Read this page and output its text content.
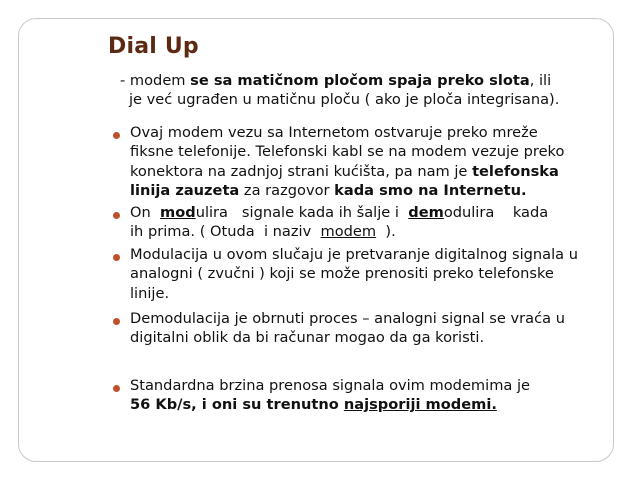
Dial Up
- modem se sa matičnom pločom spaja preko slota, ili
je već ugrađen u matičnu ploču ( ako je ploča integrisana).
Ovaj modem vezu sa Internetom ostvaruje preko mreže
fiksne telefonije. Telefonski kabl se na modem vezuje preko
konektora na zadnjoj strani kućišta, pa nam je telefonska
linija zauzeta za razgovor kada smo na Internetu.
On  modulira   signale kada ih šalje i  demodulira    kada
ih prima. ( Otuda  i naziv  modem  ).
Modulacija u ovom slučaju je pretvaranje digitalnog signala u
analogni ( zvučni ) koji se može prenositi preko telefonske
linije.
Demodulacija je obrnuti proces – analogni signal se vraća u
digitalni oblik da bi računar mogao da ga koristi.
Standardna brzina prenosa signala ovim modemima je
56 Kb/s, i oni su trenutno najsporiji modemi.
